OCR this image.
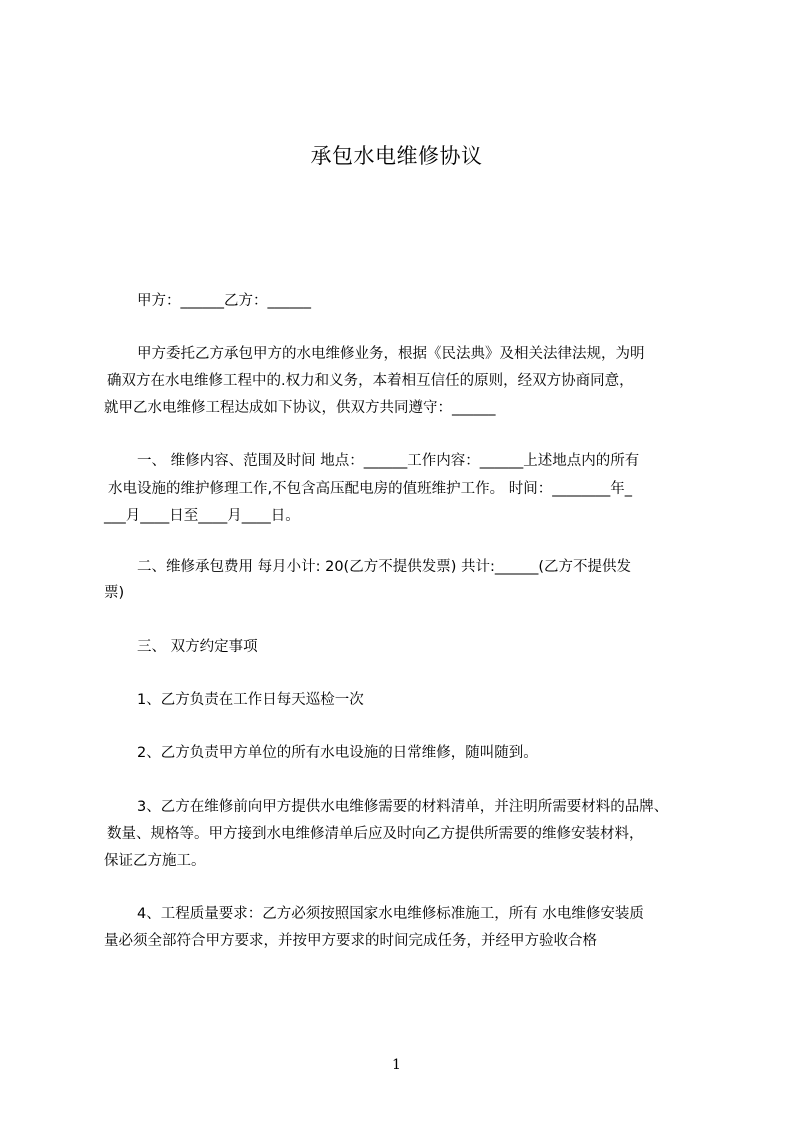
承包水电维修协议
甲方：______乙方：______
甲方委托乙方承包甲方的水电维修业务，根据《民法典》及相关法律法规，为明
确双方在水电维修工程中的.权力和义务，本着相互信任的原则，经双方协商同意，
就甲乙水电维修工程达成如下协议，供双方共同遵守：______
一、 维修内容、范围及时间 地点：______工作内容：______上述地点内的所有
水电设施的维护修理工作,不包含高压配电房的值班维护工作。 时间：________年_
___月____日至____月____日。
二、维修承包费用 每月小计: 20(乙方不提供发票) 共计:______(乙方不提供发
票)
三、 双方约定事项
1、乙方负责在工作日每天巡检一次
2、乙方负责甲方单位的所有水电设施的日常维修，随叫随到。
3、乙方在维修前向甲方提供水电维修需要的材料清单，并注明所需要材料的品牌、
数量、规格等。甲方接到水电维修清单后应及时向乙方提供所需要的维修安装材料，
保证乙方施工。
4、工程质量要求：乙方必须按照国家水电维修标准施工，所有 水电维修安装质
量必须全部符合甲方要求，并按甲方要求的时间完成任务，并经甲方验收合格
1
